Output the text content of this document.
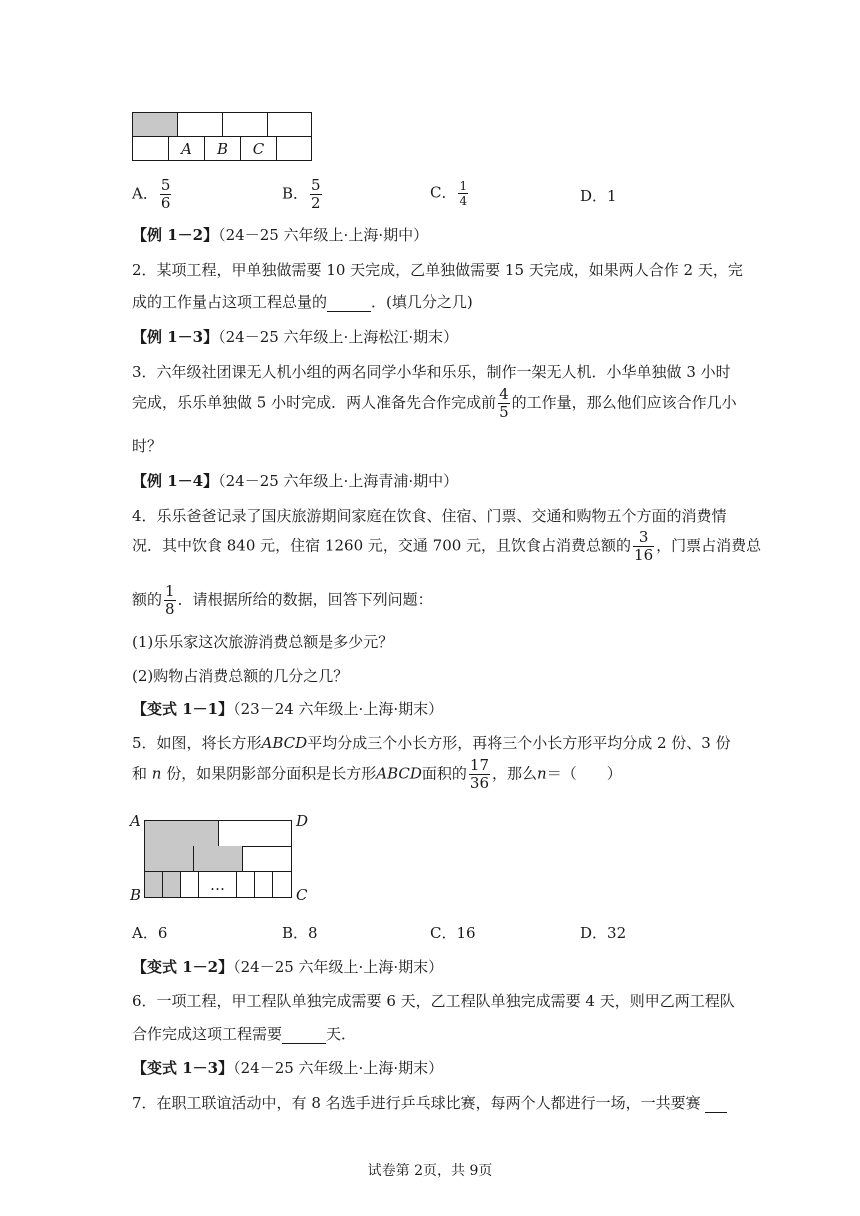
A	B	C
A． $\frac{5}{6}$	B． $\frac{5}{2}$	C． $\frac{1}{4}$	D．1
【例 1－2】（24－25 六年级上·上海·期中）
2．某项工程，甲单独做需要 10 天完成，乙单独做需要 15 天完成，如果两人合作 2 天，完
成的工作量占这项工程总量的	．(填几分之几)
【例 1－3】（24－25 六年级上·上海松江·期末）
3．六年级社团课无人机小组的两名同学小华和乐乐，制作一架无人机．小华单独做 3 小时
完成，乐乐单独做 5 小时完成．两人准备先合作完成前 $\frac{4}{5}$ 的工作量，那么他们应该合作几小
时？
【例 1－4】（24－25 六年级上·上海青浦·期中）
4．乐乐爸爸记录了国庆旅游期间家庭在饮食、住宿、门票、交通和购物五个方面的消费情
况．其中饮食 840 元，住宿 1260 元，交通 700 元，且饮食占消费总额的 $\frac{3}{16}$ ，门票占消费总
额的 $\frac{1}{8}$ ．请根据所给的数据，回答下列问题：
(1)乐乐家这次旅游消费总额是多少元？
(2)购物占消费总额的几分之几？
【变式 1－1】（23－24 六年级上·上海·期末）
5．如图，将长方形ABCD平均分成三个小长方形，再将三个小长方形平均分成 2 份、3 份
和 n 份，如果阴影部分面积是长方形ABCD面积的 $\frac{17}{36}$ ，那么n＝（　　）
A	D
B	C
…
A．6	B．8	C．16	D．32
【变式 1－2】（24－25 六年级上·上海·期末）
6．一项工程，甲工程队单独完成需要 6 天，乙工程队单独完成需要 4 天，则甲乙两工程队
合作完成这项工程需要	天．
【变式 1－3】（24－25 六年级上·上海·期末）
7．在职工联谊活动中，有 8 名选手进行乒乓球比赛，每两个人都进行一场，一共要赛
试卷第 2页，共 9页
